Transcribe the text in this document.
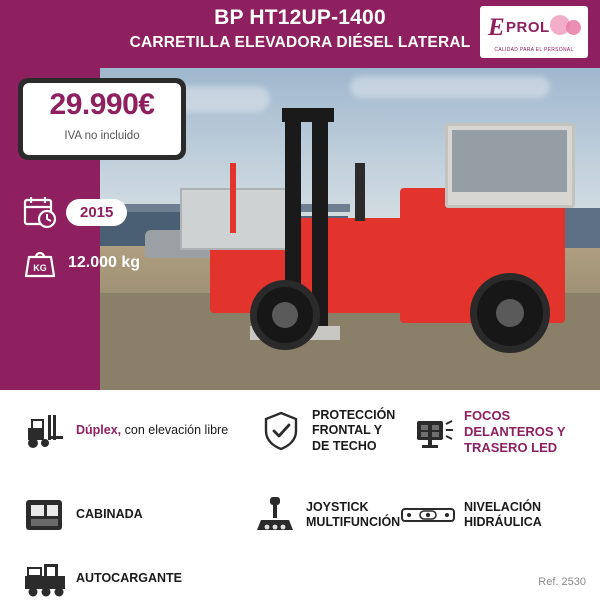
BP HT12UP-1400
CARRETILLA ELEVADORA DIÉSEL LATERAL
E PROL
CALIDAD PARA EL PERSONAL
29.990€
IVA no incluido
2015
KG 12.000 kg
Dúplex, con elevación libre
PROTECCIÓN FRONTAL Y DE TECHO
FOCOS DELANTEROS Y TRASERO LED
CABINADA
JOYSTICK MULTIFUNCIÓN
NIVELACIÓN HIDRÁULICA
AUTOCARGANTE	Ref. 2530
